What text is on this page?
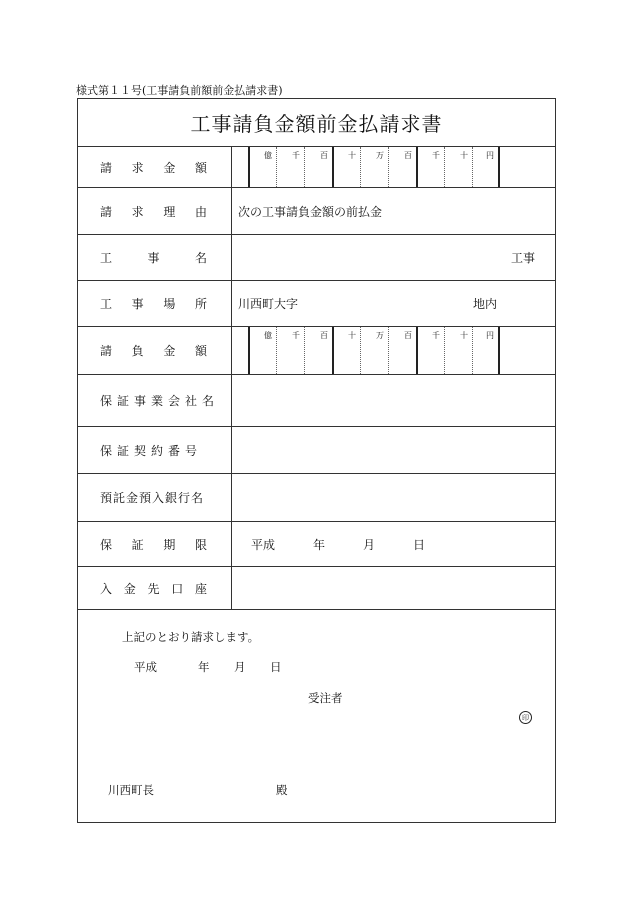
様式第１１号(工事請負前額前金払請求書)
工事請負金額前金払請求書
請 求 金 額
億	千	百	十	万	百	千	十 円
請 求 理 由	次の工事請負金額の前払金
工	事	名	工事
工 事 場 所	川西町大字	地内
請 負 金 額
億	千	百	十	万	百	千	十 円
保証事業会社名
保証契約番号
預託金預入銀行名
保 証 期 限	平成	年	月	日
入 金 先 口 座
上記のとおり請求します。
平成	年 月 日
受注者
印
川西町長	殿
